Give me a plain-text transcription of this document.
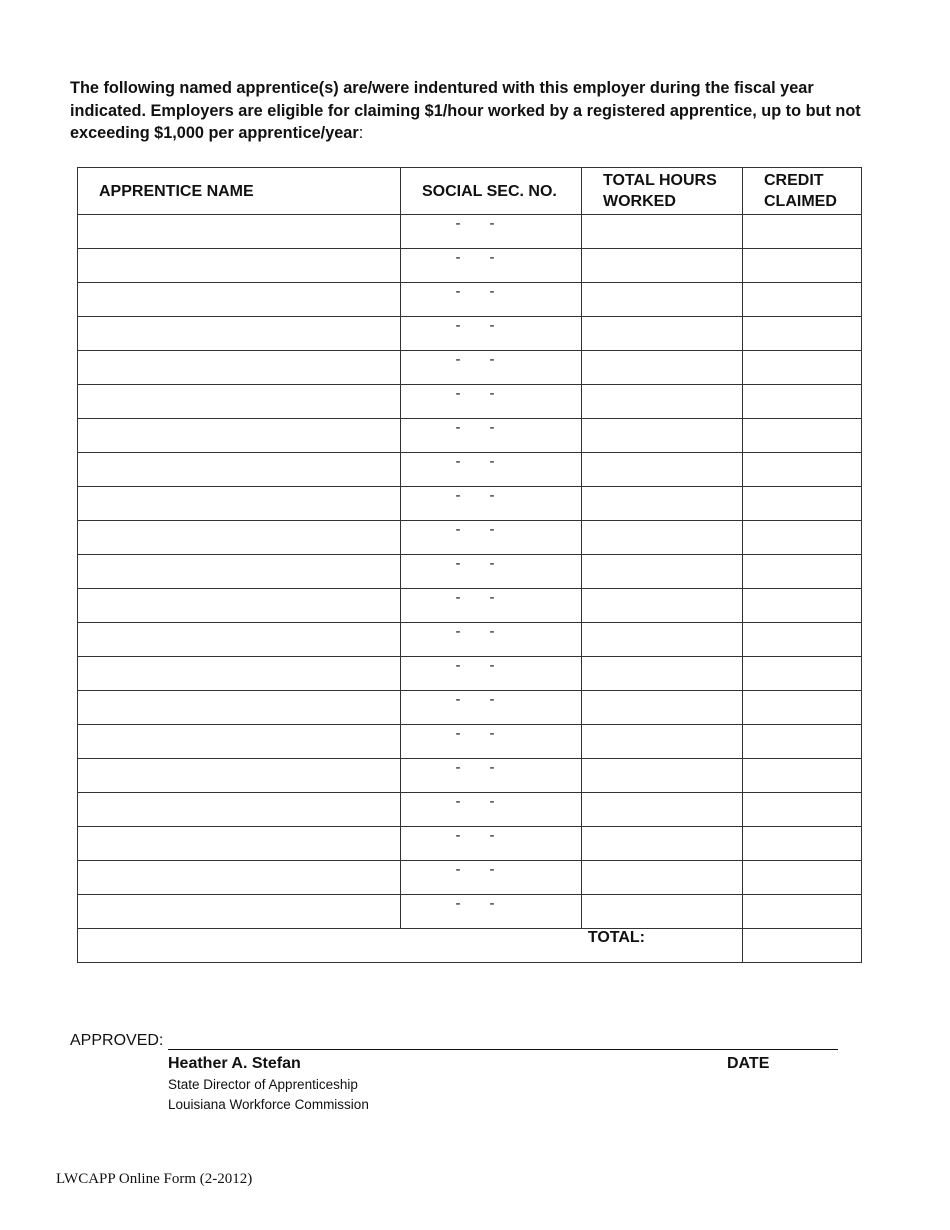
The following named apprentice(s) are/were indentured with this employer during the fiscal year indicated. Employers are eligible for claiming $1/hour worked by a registered apprentice, up to but not exceeding $1,000 per apprentice/year:

APPRENTICE NAME	SOCIAL SEC. NO.	TOTAL HOURS WORKED	CREDIT CLAIMED
	- -		
	- -		
	- -		
	- -		
	- -		
	- -		
	- -		
	- -		
	- -		
	- -		
	- -		
	- -		
	- -		
	- -		
	- -		
	- -		
	- -		
	- -		
	- -		
	- -		
	- -		
TOTAL:			
APPROVED:
Heather A. Stefan	DATE
State Director of Apprenticeship
Louisiana Workforce Commission
LWCAPP Online Form (2-2012)
